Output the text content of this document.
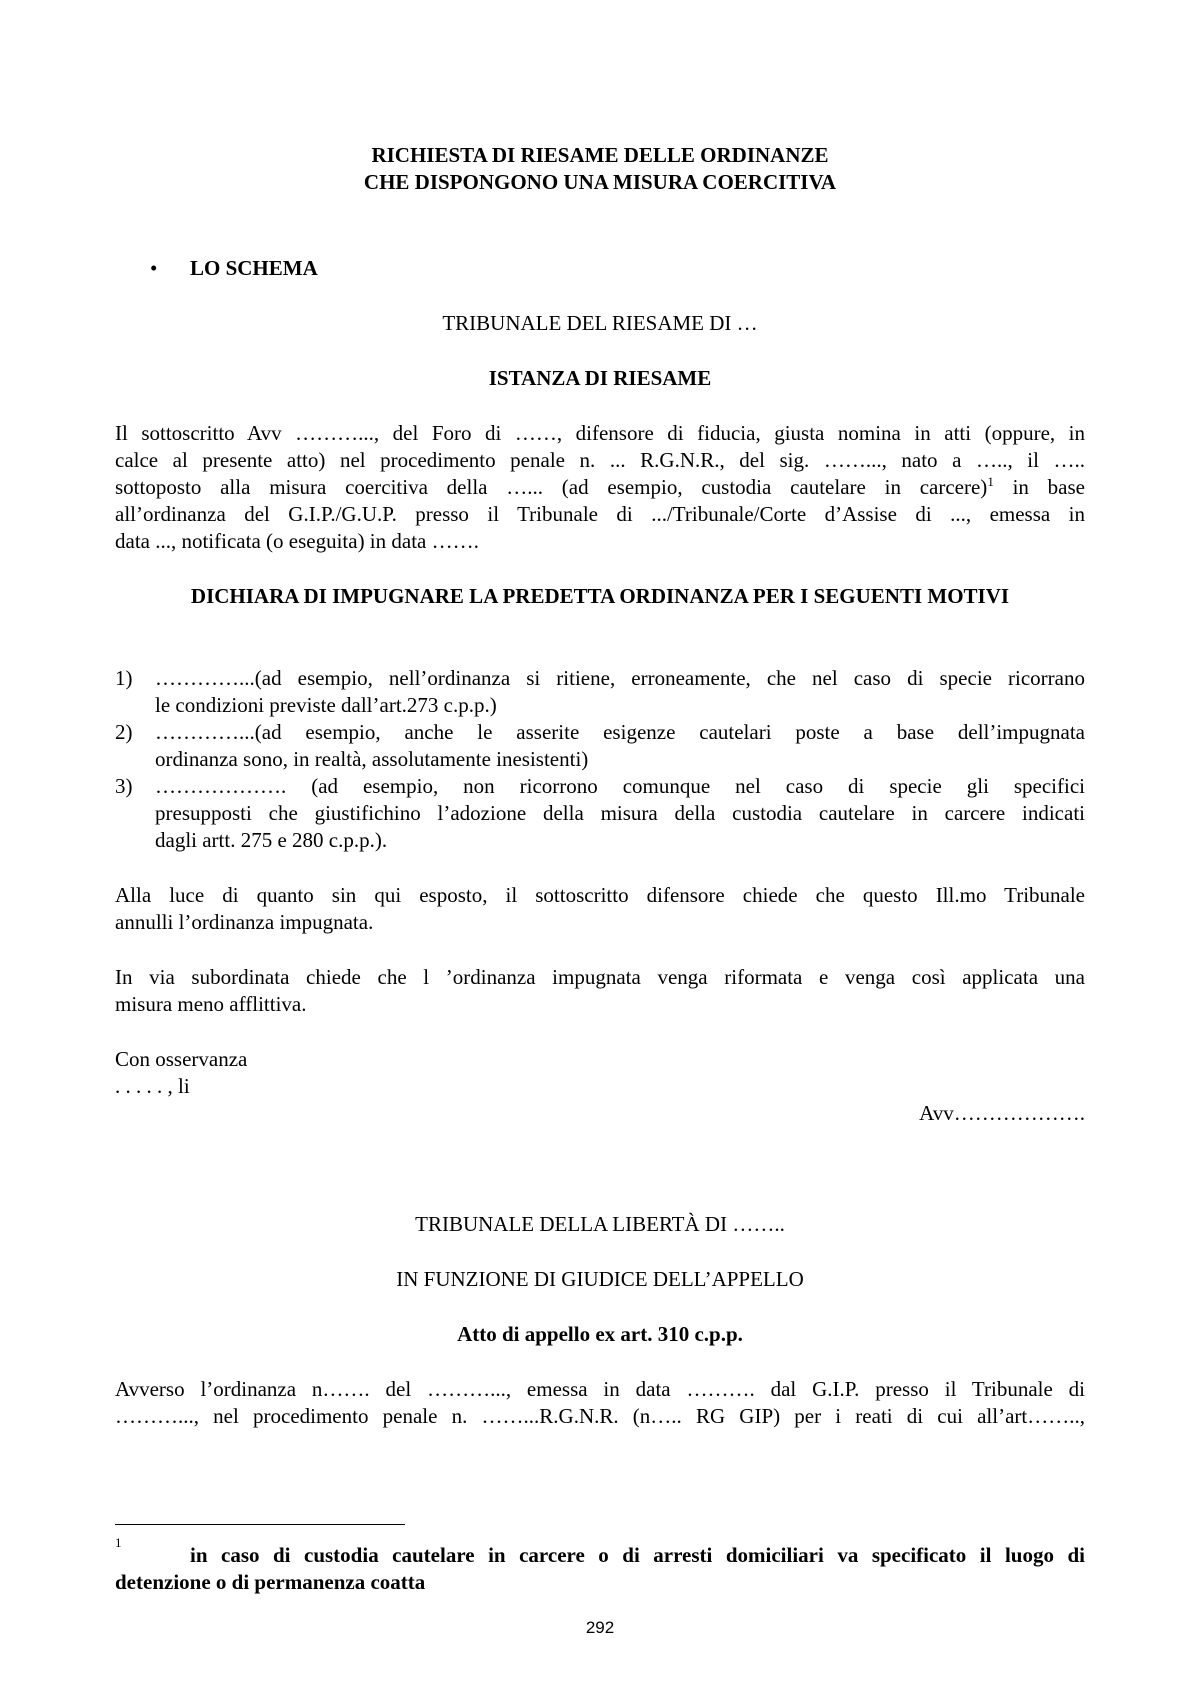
RICHIESTA DI RIESAME DELLE ORDINANZE
CHE DISPONGONO UNA MISURA COERCITIVA
• LO SCHEMA
TRIBUNALE DEL RIESAME DI …
ISTANZA DI RIESAME
Il sottoscritto Avv ………..., del Foro di ……, difensore di fiducia, giusta nomina in atti (oppure, in
calce al presente atto) nel procedimento penale n. ... R.G.N.R., del sig. ……..., nato a ….., il …..
sottoposto alla misura coercitiva della …... (ad esempio, custodia cautelare in carcere)$^1$ in base
all’ordinanza del G.I.P./G.U.P. presso il Tribunale di .../Tribunale/Corte d’Assise di ..., emessa in
data ..., notificata (o eseguita) in data …….
DICHIARA DI IMPUGNARE LA PREDETTA ORDINANZA PER I SEGUENTI MOTIVI
1) …………...(ad esempio, nell’ordinanza si ritiene, erroneamente, che nel caso di specie ricorrano
le condizioni previste dall’art.273 c.p.p.)
2) …………...(ad esempio, anche le asserite esigenze cautelari poste a base dell’impugnata
ordinanza sono, in realtà, assolutamente inesistenti)
3) ………………. (ad esempio, non ricorrono comunque nel caso di specie gli specifici
presupposti che giustifichino l’adozione della misura della custodia cautelare in carcere indicati
dagli artt. 275 e 280 c.p.p.).
Alla luce di quanto sin qui esposto, il sottoscritto difensore chiede che questo Ill.mo Tribunale
annulli l’ordinanza impugnata.
In via subordinata chiede che l ’ordinanza impugnata venga riformata e venga così applicata una
misura meno afflittiva.
Con osservanza
. . . . . , li
Avv……………….
TRIBUNALE DELLA LIBERTÀ DI ……..
IN FUNZIONE DI GIUDICE DELL’APPELLO
Atto di appello ex art. 310 c.p.p.
Avverso l’ordinanza n……. del ………..., emessa in data ………. dal G.I.P. presso il Tribunale di
………..., nel procedimento penale n. ……...R.G.N.R. (n….. RG GIP) per i reati di cui all’art……..,
1
in caso di custodia cautelare in carcere o di arresti domiciliari va specificato il luogo di
detenzione o di permanenza coatta
292
